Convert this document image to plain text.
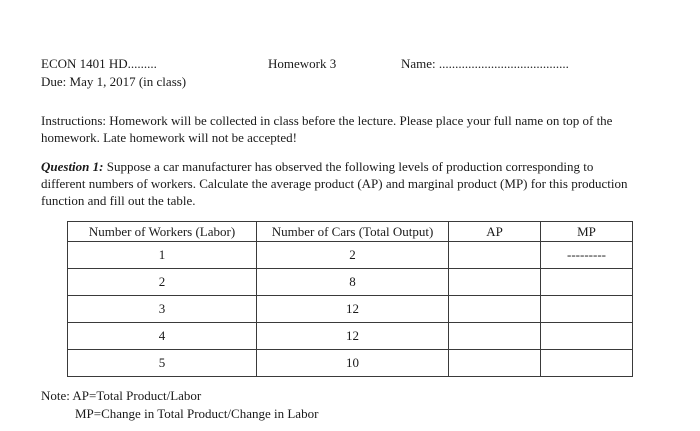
ECON 1401 HD.........
Due: May 1, 2017 (in class)
Homework 3	Name: ........................................
Instructions: Homework will be collected in class before the lecture. Please place your full name on top of the homework. Late homework will not be accepted!
Question 1: Suppose a car manufacturer has observed the following levels of production corresponding to different numbers of workers. Calculate the average product (AP) and marginal product (MP) for this production function and fill out the table.
Number of Workers (Labor)	Number of Cars (Total Output)	AP	MP
1	2		---------
2	8		
3	12		
4	12		
5	10		
Note: AP=Total Product/Labor
MP=Change in Total Product/Change in Labor
